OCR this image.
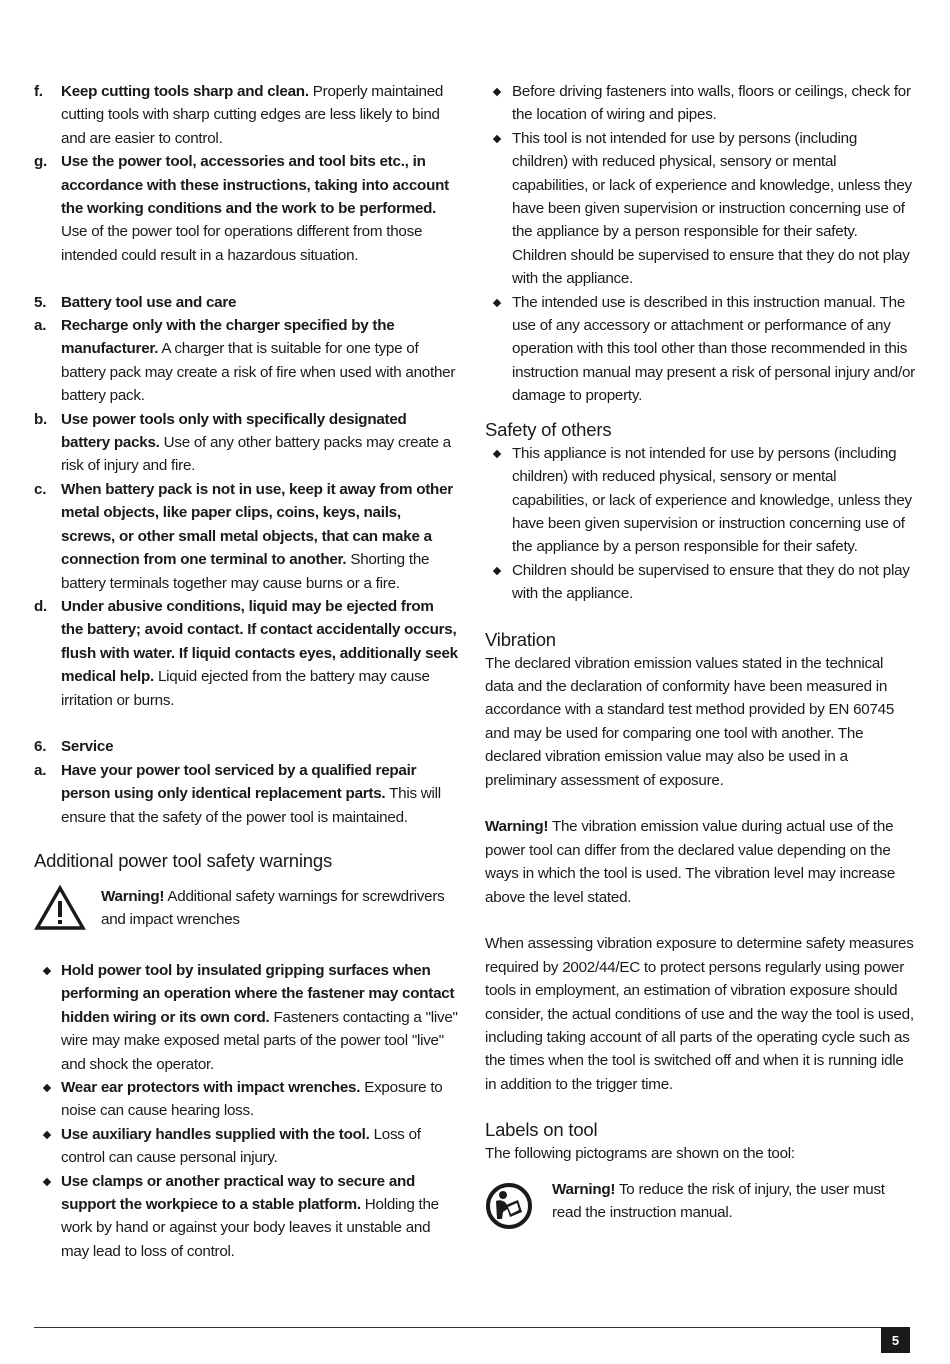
f. Keep cutting tools sharp and clean. Properly maintained cutting tools with sharp cutting edges are less likely to bind and are easier to control.
g. Use the power tool, accessories and tool bits etc., in accordance with these instructions, taking into account the working conditions and the work to be performed. Use of the power tool for operations different from those intended could result in a hazardous situation.
5. Battery tool use and care
a. Recharge only with the charger specified by the manufacturer. A charger that is suitable for one type of battery pack may create a risk of fire when used with another battery pack.
b. Use power tools only with specifically designated battery packs. Use of any other battery packs may create a risk of injury and fire.
c. When battery pack is not in use, keep it away from other metal objects, like paper clips, coins, keys, nails, screws, or other small metal objects, that can make a connection from one terminal to another. Shorting the battery terminals together may cause burns or a fire.
d. Under abusive conditions, liquid may be ejected from the battery; avoid contact. If contact accidentally occurs, flush with water. If liquid contacts eyes, additionally seek medical help. Liquid ejected from the battery may cause irritation or burns.
6. Service
a. Have your power tool serviced by a qualified repair person using only identical replacement parts. This will ensure that the safety of the power tool is maintained.
Additional power tool safety warnings
Warning! Additional safety warnings for screwdrivers and impact wrenches
Hold power tool by insulated gripping surfaces when performing an operation where the fastener may contact hidden wiring or its own cord. Fasteners contacting a "live" wire may make exposed metal parts of the power tool "live" and shock the operator.
Wear ear protectors with impact wrenches. Exposure to noise can cause hearing loss.
Use auxiliary handles supplied with the tool. Loss of control can cause personal injury.
Use clamps or another practical way to secure and support the workpiece to a stable platform. Holding the work by hand or against your body leaves it unstable and may lead to loss of control.
Before driving fasteners into walls, floors or ceilings, check for the location of wiring and pipes.
This tool is not intended for use by persons (including children) with reduced physical, sensory or mental capabilities, or lack of experience and knowledge, unless they have been given supervision or instruction concerning use of the appliance by a person responsible for their safety. Children should be supervised to ensure that they do not play with the appliance.
The intended use is described in this instruction manual. The use of any accessory or attachment or performance of any operation with this tool other than those recommended in this instruction manual may present a risk of personal injury and/or damage to property.
Safety of others
This appliance is not intended for use by persons (including children) with reduced physical, sensory or mental capabilities, or lack of experience and knowledge, unless they have been given supervision or instruction concerning use of the appliance by a person responsible for their safety.
Children should be supervised to ensure that they do not play with the appliance.
Vibration
The declared vibration emission values stated in the technical data and the declaration of conformity have been measured in accordance with a standard test method provided by EN 60745 and may be used for comparing one tool with another. The declared vibration emission value may also be used in a preliminary assessment of exposure.
Warning! The vibration emission value during actual use of the power tool can differ from the declared value depending on the ways in which the tool is used. The vibration level may increase above the level stated.
When assessing vibration exposure to determine safety measures required by 2002/44/EC to protect persons regularly using power tools in employment, an estimation of vibration exposure should consider, the actual conditions of use and the way the tool is used, including taking account of all parts of the operating cycle such as the times when the tool is switched off and when it is running idle in addition to the trigger time.
Labels on tool
The following pictograms are shown on the tool:
Warning! To reduce the risk of injury, the user must read the instruction manual.
5
